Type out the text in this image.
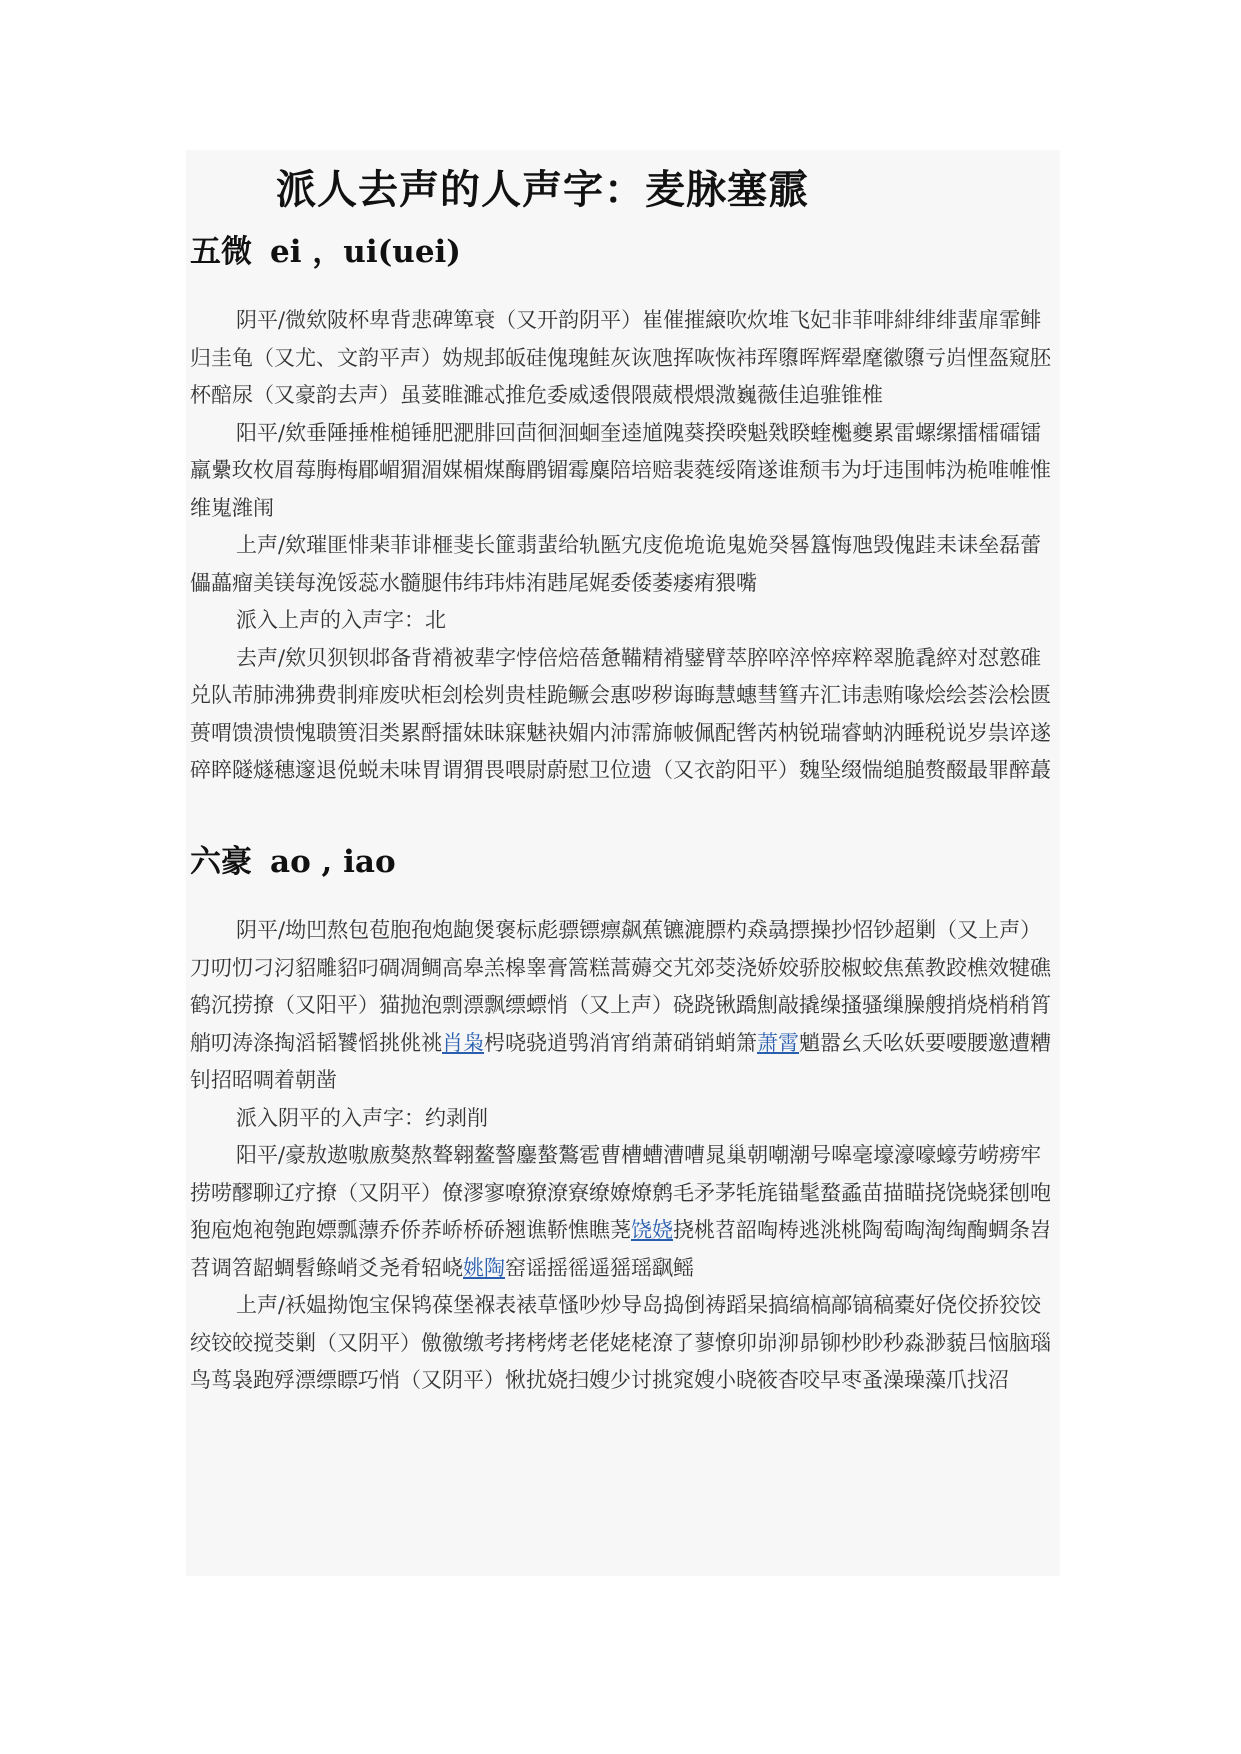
派人去声的人声字：麦脉塞霢
五微 ei ，ui(uei)

阴平/微欸陂杯卑背悲碑箄衰（又开韵阴平）崔催摧縗吹炊堆飞妃非菲啡緋绯绯蜚扉霏鲱归圭龟（又尤、文韵平声）妫规邽皈硅傀瑰鲑灰诙虺挥咴恢袆珲隳晖辉翚麾徽隳亏岿悝盔窥胚杯醅尿（又豪韵去声）虽荽睢濉忒推危委威逶偎隈葳椳煨溦巍薇佳追骓锥椎

阳平/欸垂陲捶椎槌锤肥淝腓回茴徊洄蛔奎逵馗隗葵揆暌魁戣睽蝰櫆夔累雷螺缧擂檑礌镭羸纍玫枚眉莓脢梅郿嵋猸湄媒楣煤酶鹛镅霉麋陪培赔裴蕤绥隋遂谁颓韦为圩违围帏沩桅唯帷惟维嵬潍闱

上声/欸璀匪悱棐菲诽榧斐长篚翡蜚给轨匦宄庋佹垝诡鬼姽癸晷簋悔虺毁傀跬耒诔垒磊蕾儡藟瘤美镁每浼馁蕊水髓腿伟纬玮炜洧韪尾娓委倭萎痿痏猥嘴

派入上声的入声字：北

去声/欸贝狈钡邶备背褙被辈字悖倍焙蓓惫鞴精褙鐾臂萃脺啐淬悴瘁粹翠脆毳綷对怼憝碓兑队芾肺沸狒费剕痱废吠柜刽桧刿贵桂跪鳜会惠哕秽诲晦慧蟪彗篲卉汇讳恚贿喙烩绘荟浍桧匮蒉喟馈溃愦愧聩篑泪类累酹擂妹昧寐魅袂媚内沛霈旆帔佩配辔芮枘锐瑞睿蚋汭睡税说岁祟谇遂碎睟隧燧穗邃退侻蜕未味胃谓猬畏喂尉蔚慰卫位遗（又衣韵阳平）魏坠缀惴缒膇赘醊最罪醉蕞

六豪 ao , iao

阴平/坳凹熬包苞胞孢炮龅煲褒标彪骠镖瘭飙蕉镳漉膘杓猋骉摽操抄怊钞超剿（又上声）刀叨忉刁汈貂雕貂叼碉凋鲷高皋羔槔睾膏篙糕蒿薅交艽郊茭浇娇姣骄胶椒蛟焦蕉教跤樵效犍礁鹤沉捞撩（又阳平）猫抛泡剽漂飘缥螵悄（又上声）硗跷锹蹻劁敲撬缲搔骚缫臊艘捎烧梢稍筲艄叨涛涤掏滔韬饕慆挑佻祧肖枭枵哓骁逍鸮消宵绡萧硝销蛸箫萧霄魈嚣幺夭吆妖要喓腰邀遭糟钊招昭啁着朝凿

派入阴平的入声字：约剥削

阳平/豪敖遨嗷廒獒熬聱翱鳌謷鏖螯鷔雹曹槽螬漕嘈晁巢朝嘲潮号嗥毫壕濠嚎蠔劳崂痨牢捞唠醪聊辽疗撩（又阴平）僚漻寥嘹獠潦寮缭嫽燎鹩毛矛茅牦旄锚髦蝥蟊苗描瞄挠饶蛲猱刨咆狍庖炮袍匏跑嫖瓢薸乔侨荞峤桥硚翘谯鞒憔瞧荛饶娆挠桃苕韶啕梼逃洮桃陶萄啕淘绹醄蜩条岧苕调笤龆蜩髫鲦峭爻尧肴轺峣姚陶窑谣摇徭遥猺瑶飖鳐

上声/袄媪拗饱宝保鸨葆堡褓表裱草慅吵炒导岛捣倒祷蹈杲搞缟槁鄗镐稿橐好侥佼挢狡饺绞铰皎搅茭剿（又阴平）儌徼缴考拷栲烤老佬姥栳潦了蓼憭卯峁泖昴铆杪眇秒淼渺藐吕恼脑瑙鸟茑袅跑殍漂缥瞟巧悄（又阴平）愀扰娆扫嫂少讨挑窕嫂小晓筱杳咬早枣蚤澡璪藻爪找沼
